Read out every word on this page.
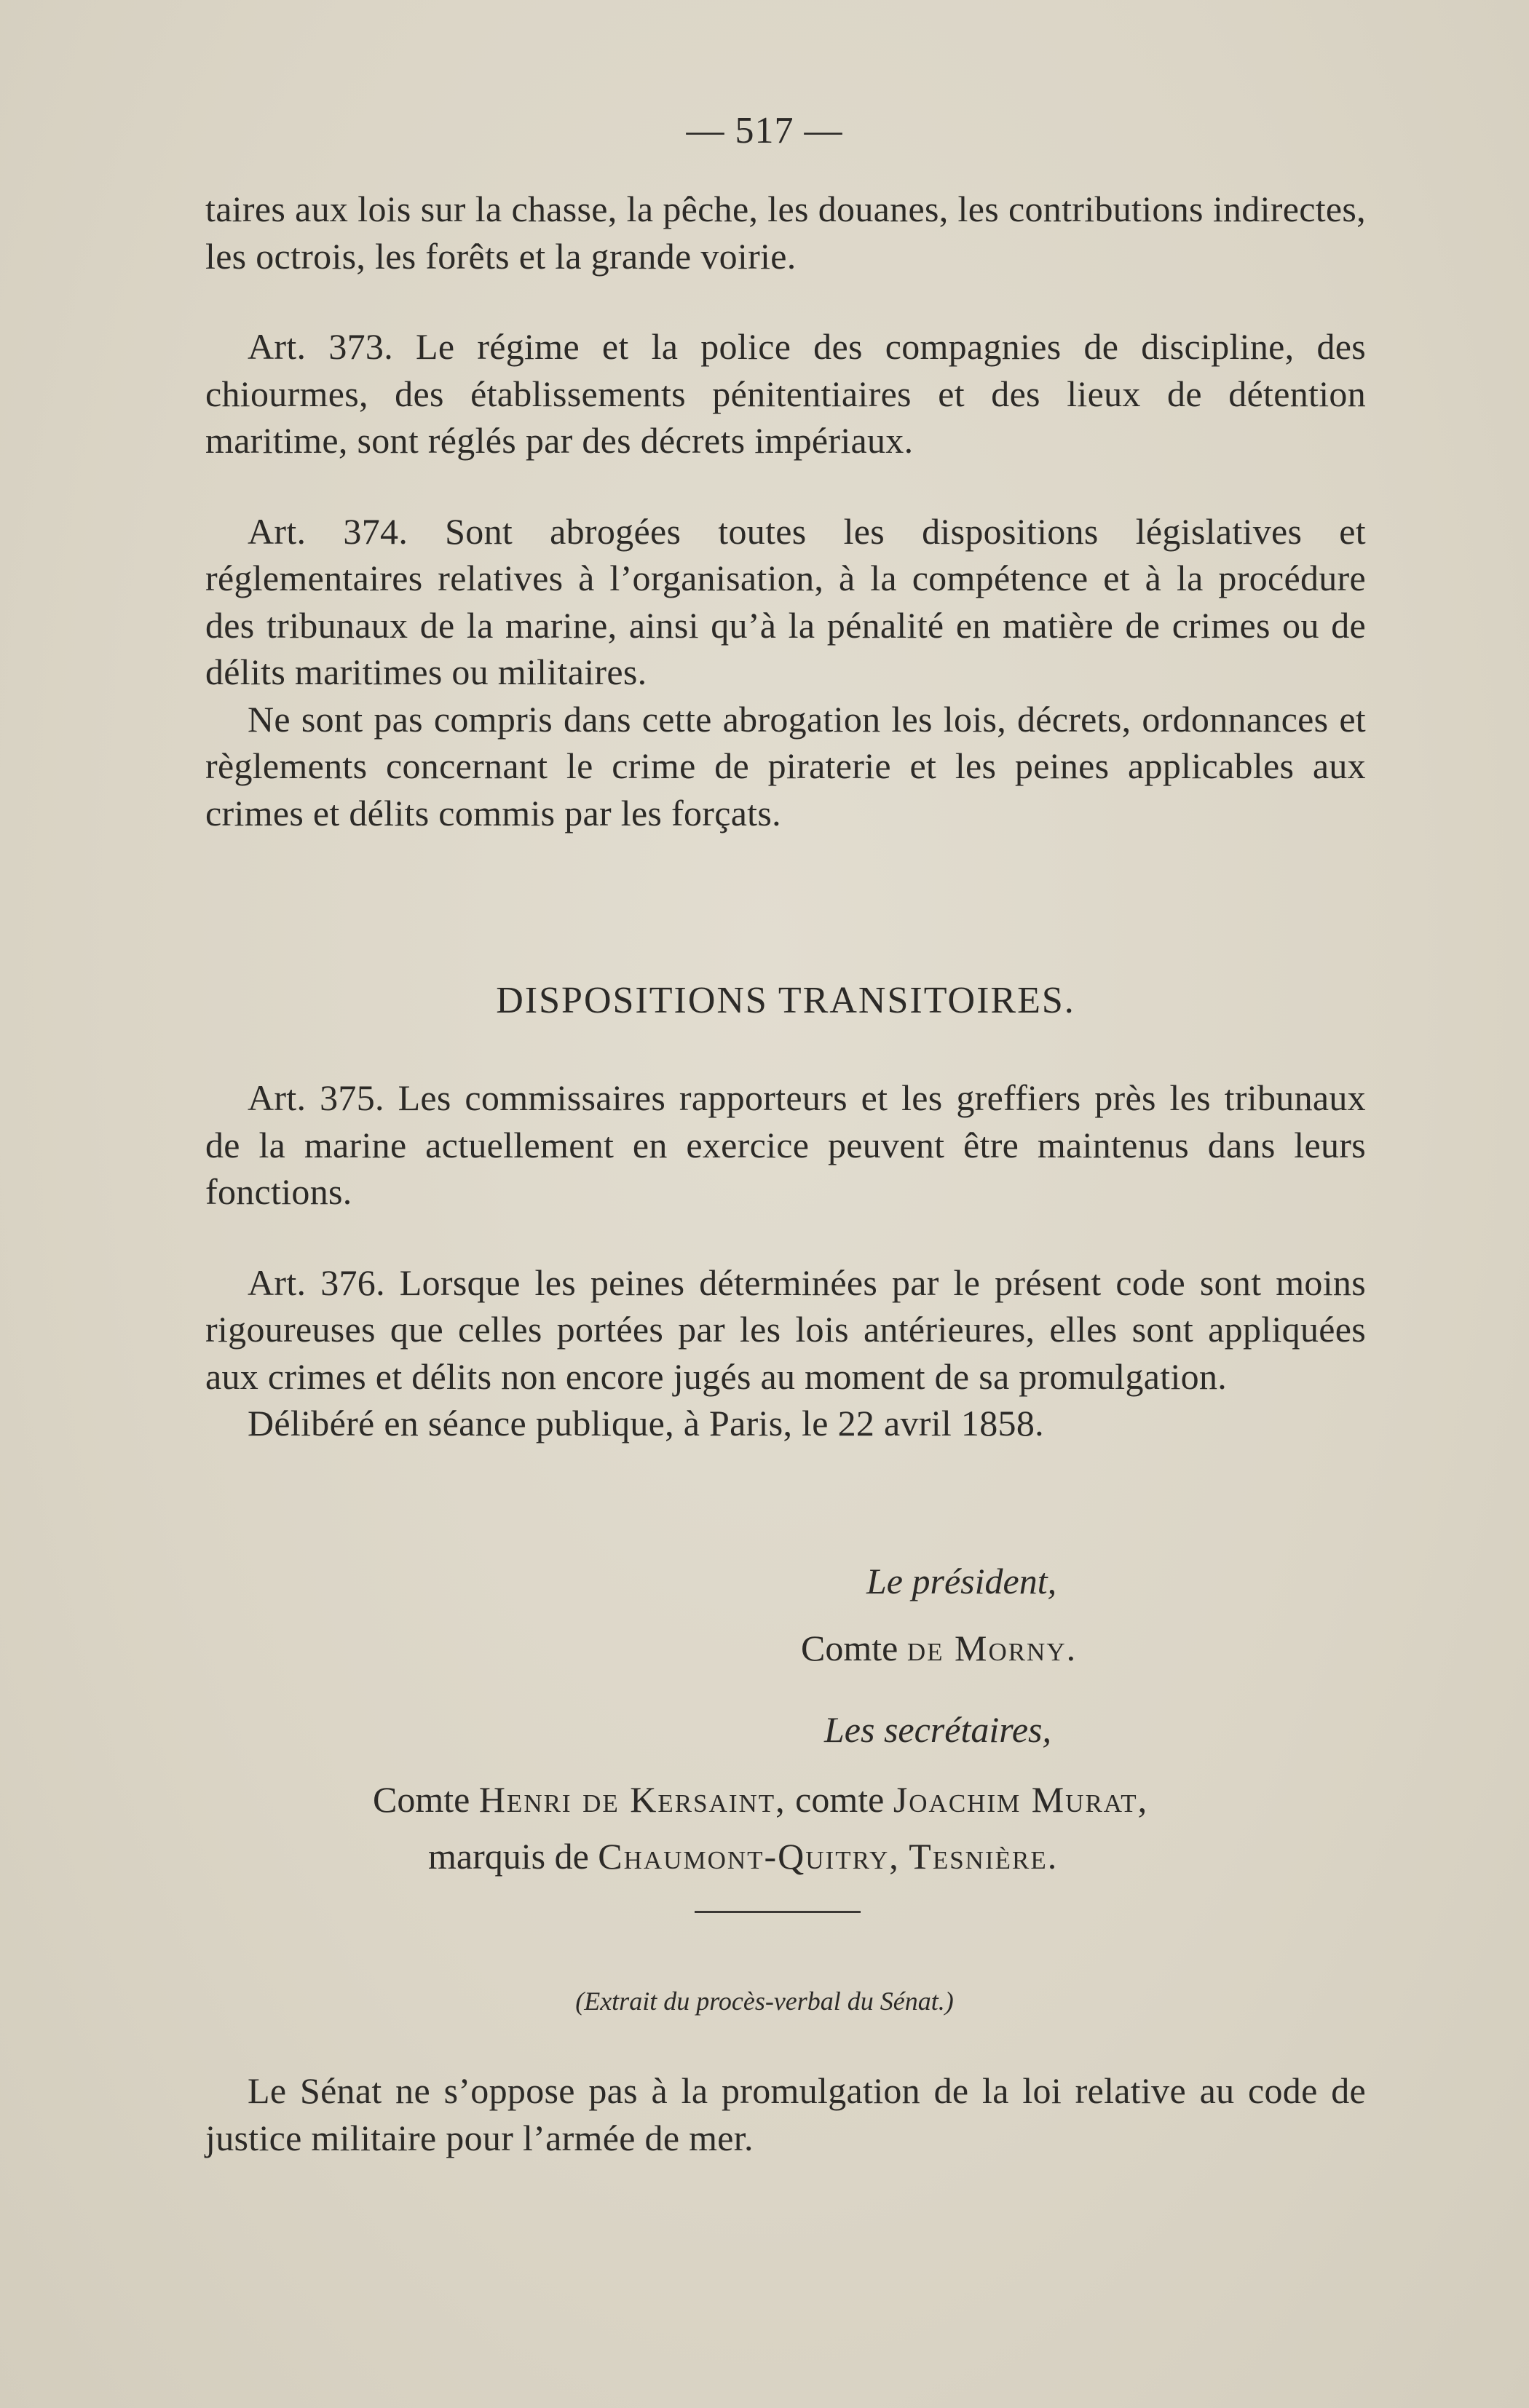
— 517 —

taires aux lois sur la chasse, la pêche, les douanes, les contributions indirectes, les octrois, les forêts et la grande voirie.

Art. 373. Le régime et la police des compagnies de discipline, des chiourmes, des établissements pénitentiaires et des lieux de détention maritime, sont réglés par des décrets impériaux.

Art. 374. Sont abrogées toutes les dispositions législatives et réglementaires relatives à l’organisation, à la compétence et à la procédure des tribunaux de la marine, ainsi qu’à la pénalité en matière de crimes ou de délits maritimes ou militaires.

Ne sont pas compris dans cette abrogation les lois, décrets, ordonnances et règlements concernant le crime de piraterie et les peines applicables aux crimes et délits commis par les forçats.

DISPOSITIONS TRANSITOIRES.

Art. 375. Les commissaires rapporteurs et les greffiers près les tribunaux de la marine actuellement en exercice peuvent être maintenus dans leurs fonctions.

Art. 376. Lorsque les peines déterminées par le présent code sont moins rigoureuses que celles portées par les lois antérieures, elles sont appliquées aux crimes et délits non encore jugés au moment de sa promulgation.

Délibéré en séance publique, à Paris, le 22 avril 1858.

Le président,
Comte de Morny.
Les secrétaires,
Comte Henri de Kersaint, comte Joachim Murat,
marquis de Chaumont-Quitry, Tesnière.
(Extrait du procès-verbal du Sénat.)

Le Sénat ne s’oppose pas à la promulgation de la loi relative au code de justice militaire pour l’armée de mer.
